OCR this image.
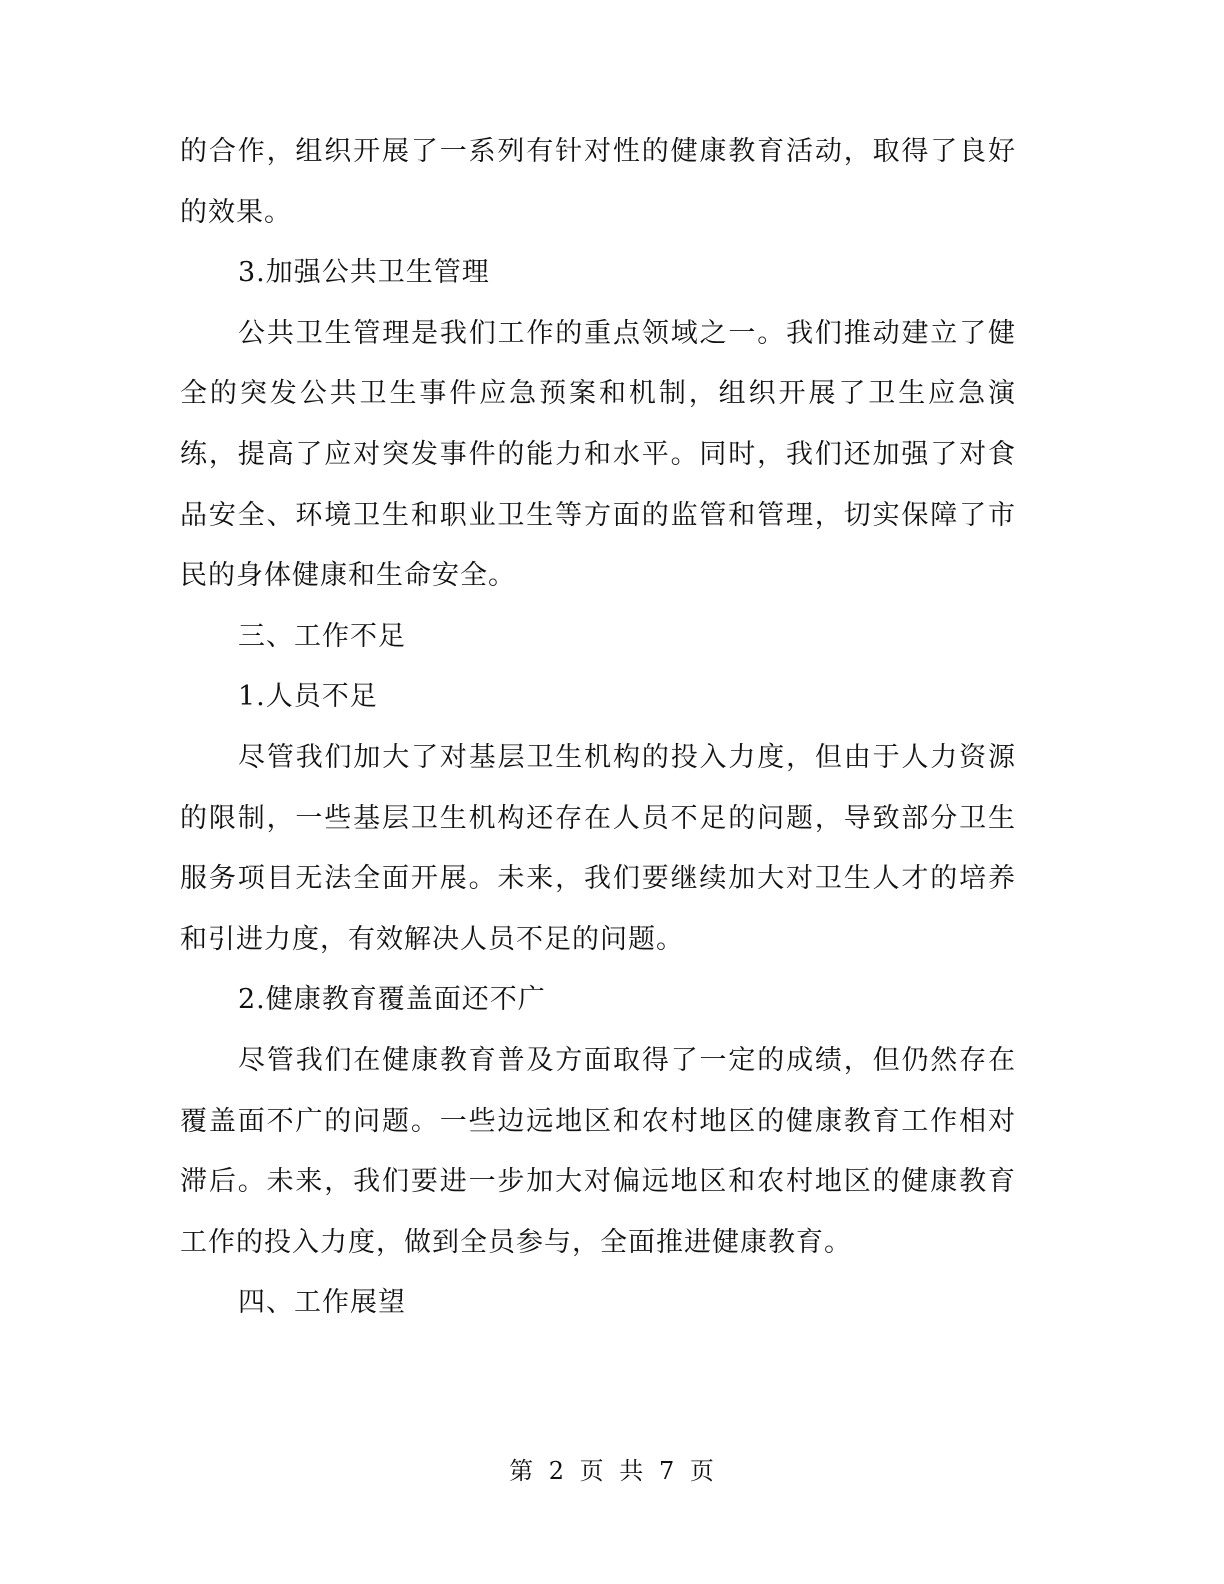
的合作，组织开展了一系列有针对性的健康教育活动，取得了良好的效果。

3.加强公共卫生管理

公共卫生管理是我们工作的重点领域之一。我们推动建立了健全的突发公共卫生事件应急预案和机制，组织开展了卫生应急演练，提高了应对突发事件的能力和水平。同时，我们还加强了对食品安全、环境卫生和职业卫生等方面的监管和管理，切实保障了市民的身体健康和生命安全。

三、工作不足

1.人员不足

尽管我们加大了对基层卫生机构的投入力度，但由于人力资源的限制，一些基层卫生机构还存在人员不足的问题，导致部分卫生服务项目无法全面开展。未来，我们要继续加大对卫生人才的培养和引进力度，有效解决人员不足的问题。

2.健康教育覆盖面还不广

尽管我们在健康教育普及方面取得了一定的成绩，但仍然存在覆盖面不广的问题。一些边远地区和农村地区的健康教育工作相对滞后。未来，我们要进一步加大对偏远地区和农村地区的健康教育工作的投入力度，做到全员参与，全面推进健康教育。

四、工作展望

第 2 页 共 7 页
